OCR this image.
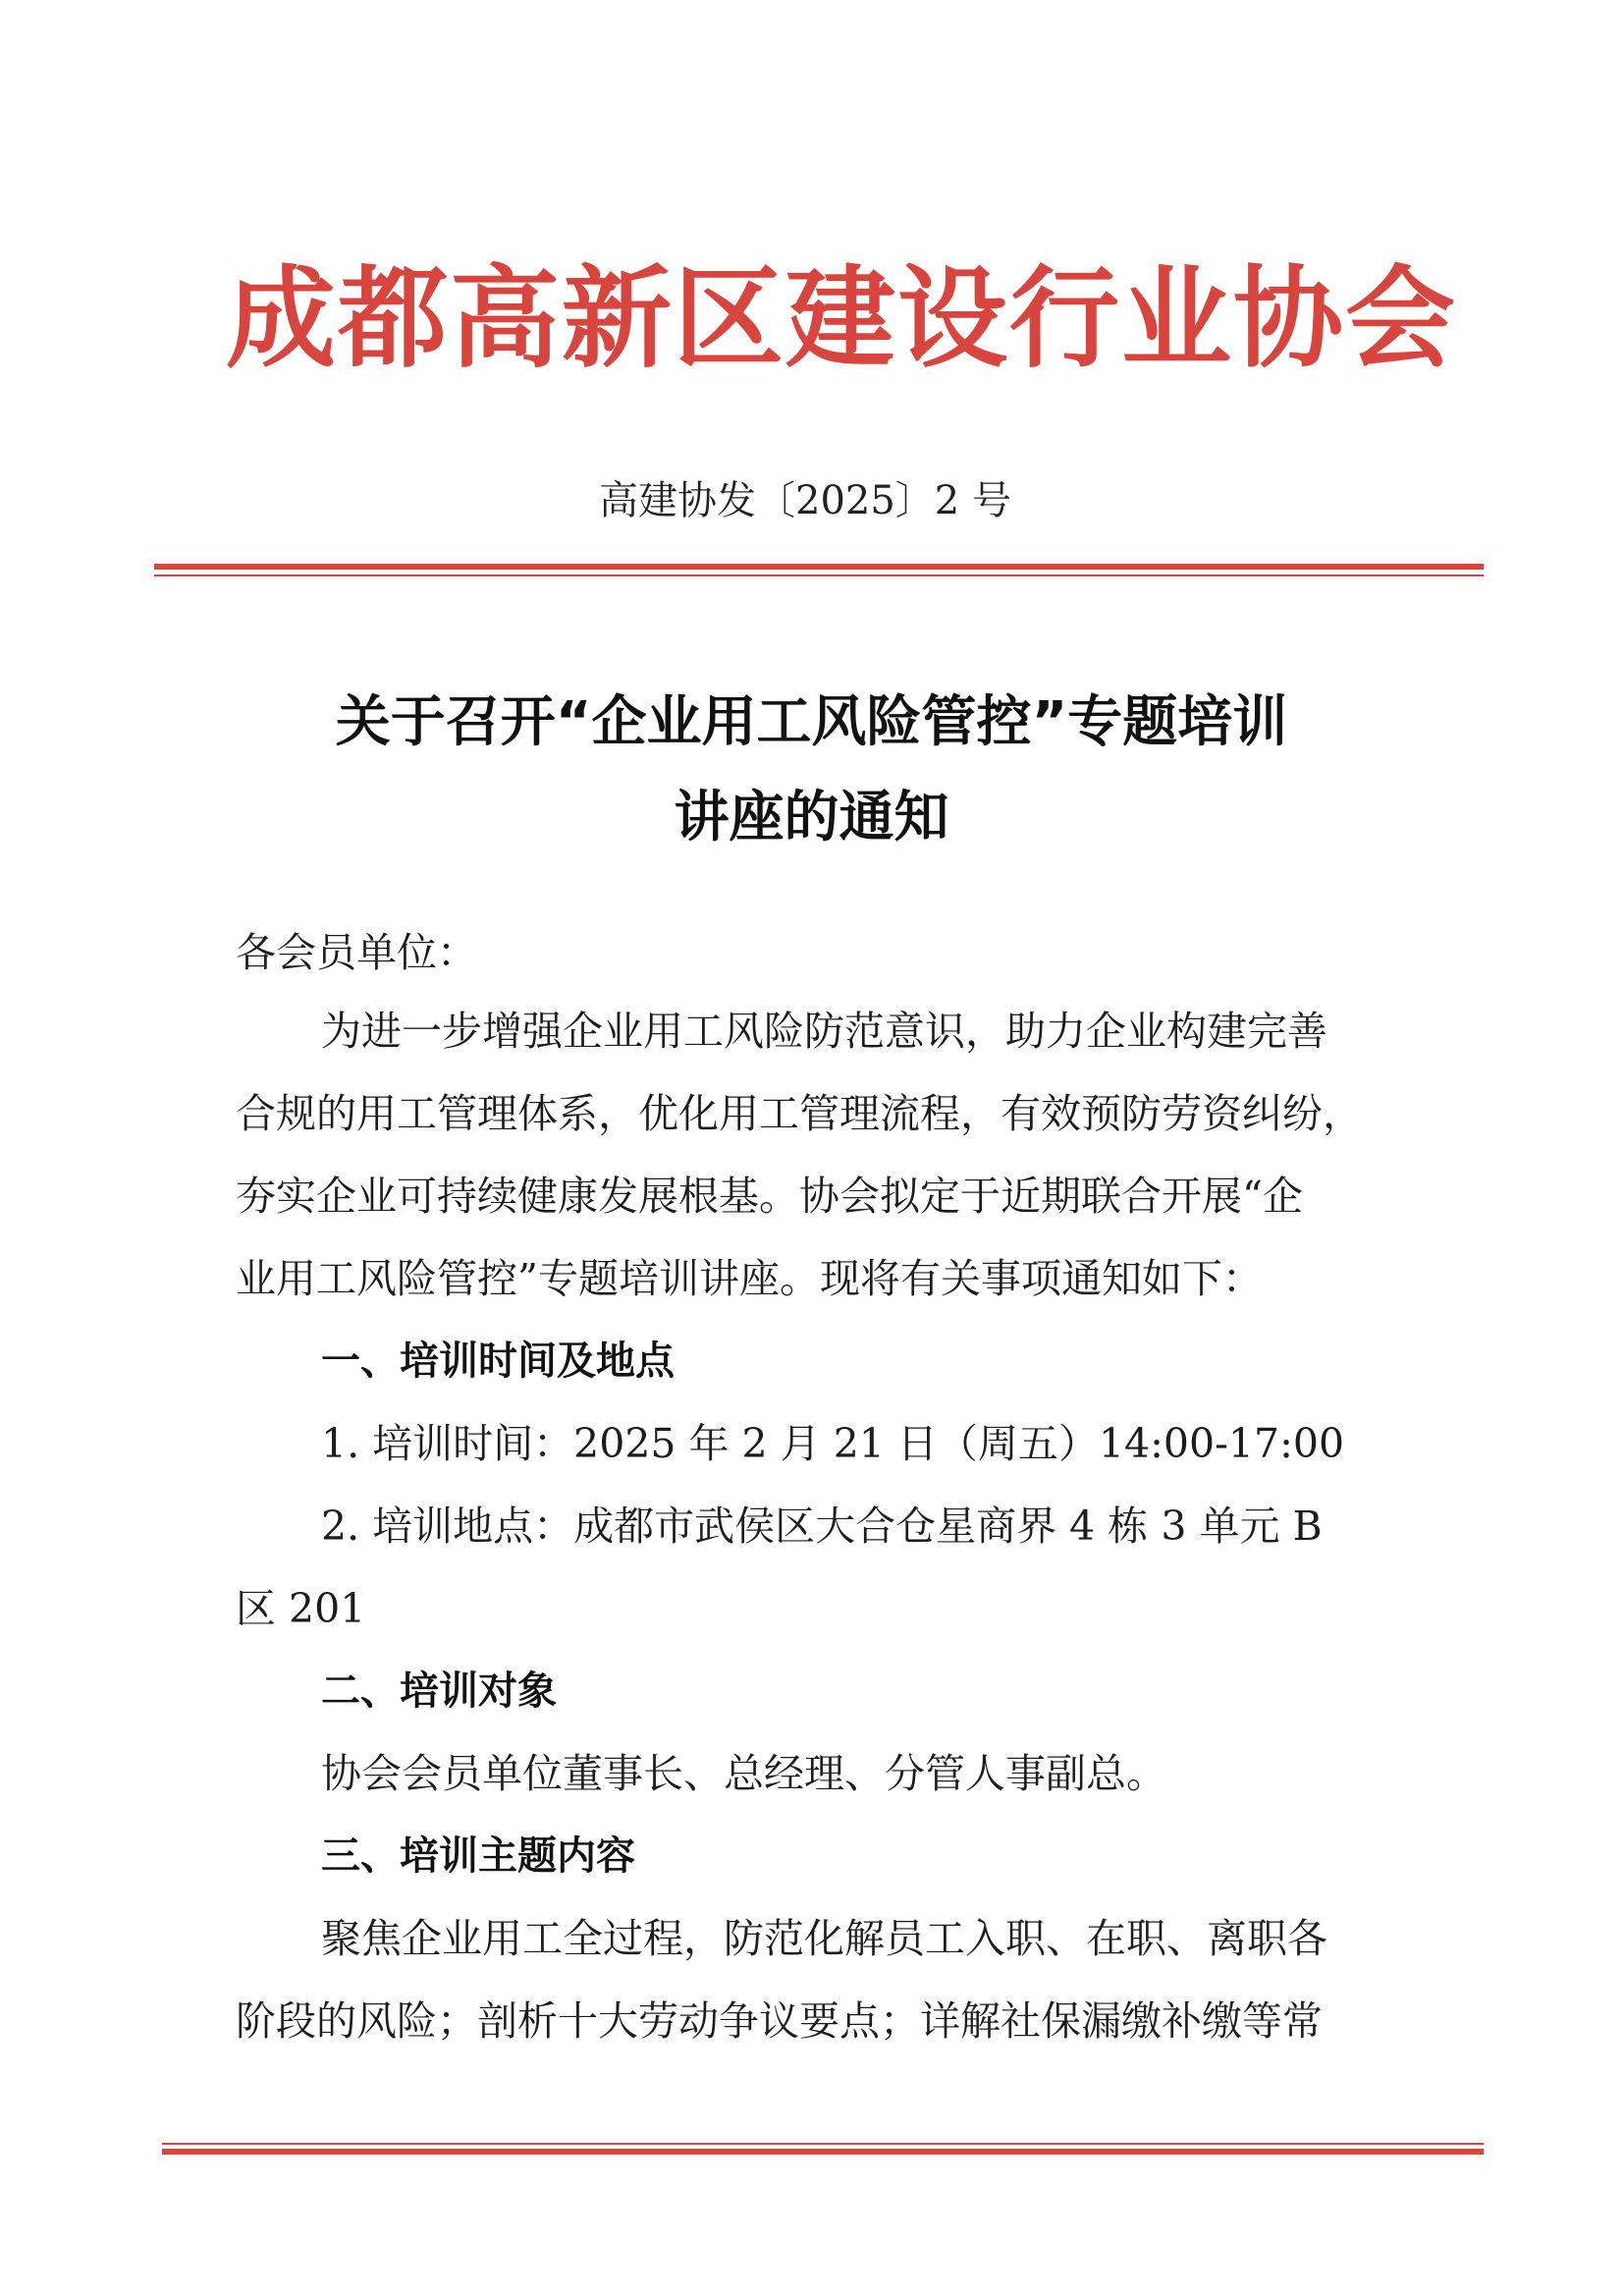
成都高新区建设行业协会
高建协发〔2025〕2 号
关于召开“企业用工风险管控”专题培训
讲座的通知
各会员单位：
为进一步增强企业用工风险防范意识，助力企业构建完善
合规的用工管理体系，优化用工管理流程，有效预防劳资纠纷，
夯实企业可持续健康发展根基。协会拟定于近期联合开展“企
业用工风险管控”专题培训讲座。现将有关事项通知如下：
一、培训时间及地点
1. 培训时间：2025 年 2 月 21 日（周五）14:00-17:00
2. 培训地点：成都市武侯区大合仓星商界 4 栋 3 单元 B
区 201
二、培训对象
协会会员单位董事长、总经理、分管人事副总。
三、培训主题内容
聚焦企业用工全过程，防范化解员工入职、在职、离职各
阶段的风险；剖析十大劳动争议要点；详解社保漏缴补缴等常
